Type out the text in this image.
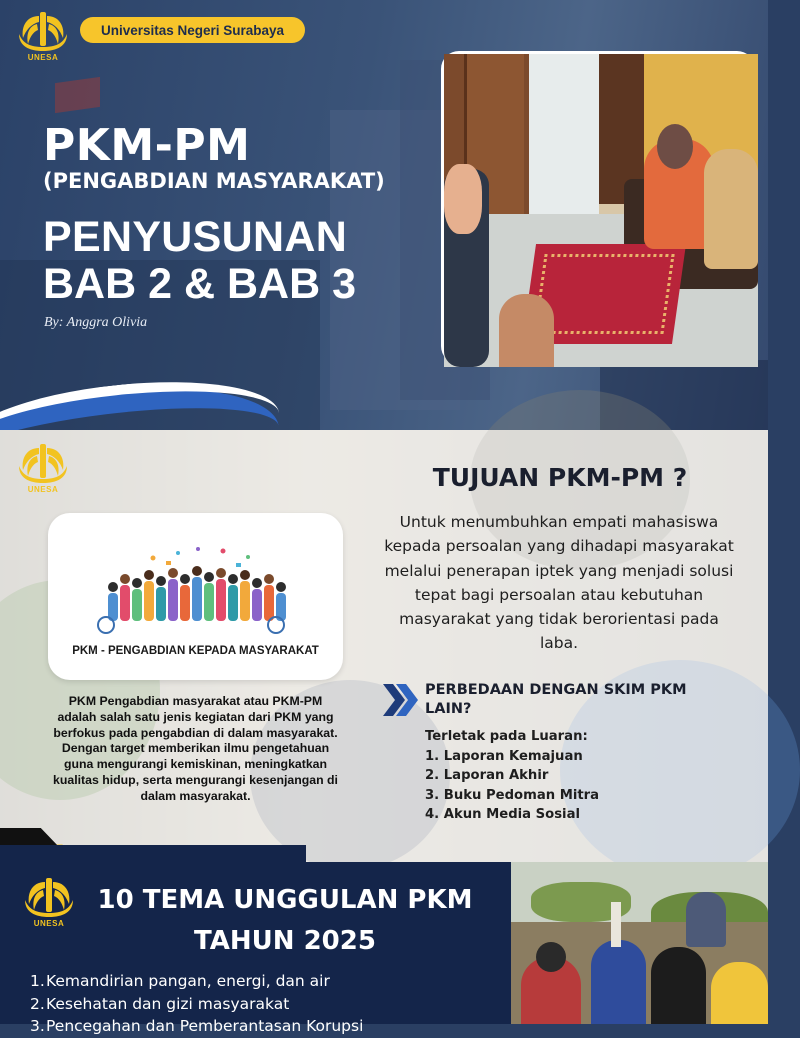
UNESA
Universitas Negeri Surabaya
PKM-PM
(PENGABDIAN MASYARAKAT)
PENYUSUNAN
BAB 2 & BAB 3
By: Anggra Olivia
UNESA
PKM - PENGABDIAN KEPADA MASYARAKAT

PKM Pengabdian masyarakat atau PKM-PM adalah salah satu jenis kegiatan dari PKM yang berfokus pada pengabdian di dalam masyarakat. Dengan target memberikan ilmu pengetahuan guna mengurangi kemiskinan, meningkatkan kualitas hidup, serta mengurangi kesenjangan di dalam masyarakat.

TUJUAN PKM-PM ?

Untuk menumbuhkan empati mahasiswa kepada persoalan yang dihadapi masyarakat melalui penerapan iptek yang menjadi solusi tepat bagi persoalan atau kebutuhan masyarakat yang tidak berorientasi pada laba.

PERBEDAAN DENGAN SKIM PKM LAIN?
Terletak pada Luaran:
1. Laporan Kemajuan
2. Laporan Akhir
3. Buku Pedoman Mitra
4. Akun Media Sosial
UNESA
10 TEMA UNGGULAN PKM TAHUN 2025
1.Kemandirian pangan, energi, dan air
2.Kesehatan dan gizi masyarakat
3.Pencegahan dan Pemberantasan Korupsi
